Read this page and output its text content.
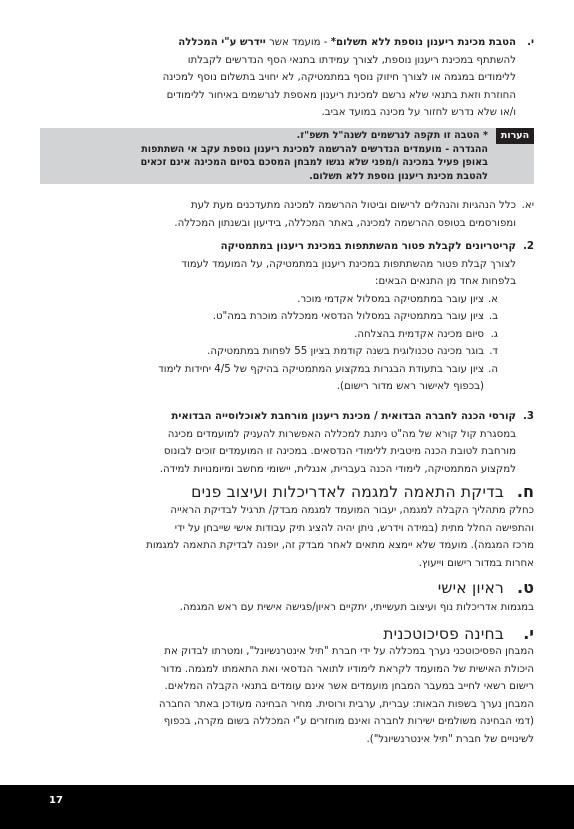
י.

הטבת מכינת ריענון נוספת ללא תשלום* - מועמד אשר יידרש ע"י המכללה

להשתתף במכינת ריענון נוספת, לצורך עמידתו בתנאי הסף הנדרשים לקבלתו

ללימודים במגמה או לצורך חיזוק נוסף במתמטיקה, לא יחויב בתשלום נוסף למכינה

החוזרת וזאת בתנאי שלא נרשם למכינת ריענון מאספת לנרשמים באיחור ללימודים

ו/או שלא נדרש לחזור על מכינה במועד אביב.

הערות

* הטבה זו תקפה לנרשמים לשנה"ל תשפ"ז.

ההגדרה - מועמדים הנדרשים להרשמה למכינת ריענון נוספת עקב אי השתתפות

באופן פעיל במכינה ו/מפני שלא נגשו למבחן המסכם בסיום המכינה אינם זכאים

להטבת מכינת ריענון נוספת ללא תשלום.

יא.

כלל הנהגיות והנהלים לרישום וביטול ההרשמה למכינה מתעדכנים מעת לעת

ומפורסמים בטופס ההרשמה למכינה, באתר המכללה, בידיעון ובשנתון המכללה.

2.

קריטריונים לקבלת פטור מהשתתפות במכינת ריענון במתמטיקה

לצורך קבלת פטור מהשתתפות במכינת ריענון במתמטיקה, על המועמד לעמוד

בלפחות אחד מן התנאים הבאים:

א.
ציון עובר במתמטיקה במסלול אקדמי מוכר.
ב.
ציון עובר במתמטיקה במסלול הנדסאי ממכללה מוכרת במה"ט.
ג.
סיום מכינה אקדמית בהצלחה.
ד.
בוגר מכינה טכנולוגית בשנה קודמת בציון 55 לפחות במתמטיקה.
ה.
ציון עובר בתעודת הבגרות במקצוע המתמטיקה בהיקף של 4/5 יחידות לימוד
(בכפוף לאישור ראש מדור רישום).
3.

קורסי הכנה לחברה הבדואית / מכינת ריענון מורחבת לאוכלוסייה הבדואית

במסגרת קול קורא של מה"ט ניתנת למכללה האפשרות להעניק למועמדים מכינה

מורחבת לטובת הכנה מיטבית ללימודי הנדסאים. במכינה זו המועמדים זוכים לבונוס

למקצוע המתמטיקה, לימודי הכנה בעברית, אנגלית, יישומי מחשב ומיומנויות למידה.

ח.
בדיקת התאמה למגמה לאדריכלות ועיצוב פנים

כחלק מתהליך הקבלה למגמה, יעבור המועמד למגמה מבדק/ תרגיל לבדיקת הראייה

והתפישה החלל מתית (במידה וידרש, ניתן יהיה להציג תיק עבודות אישי שייבחן על ידי

מרכז המגמה). מועמד שלא יימצא מתאים לאחר מבדק זה, יופנה לבדיקת התאמה למגמות

אחרות במדור רישום וייעוץ.

ט.
ראיון אישי

במגמות אדריכלות נוף ועיצוב תעשייתי, יתקיים ראיון/פגישה אישית עם ראש המגמה.

י.
בחינה פסיכוטכנית

המבחן הפסיכוטכני נערך במכללה על ידי חברת "תיל אינטרנשיונל", ומטרתו לבדוק את

היכולת האישית של המועמד לקראת לימודיו לתואר הנדסאי ואת התאמתו למגמה. מדור

רישום רשאי לחייב במעבר המבחן מועמדים אשר אינם עומדים בתנאי הקבלה המלאים.

המבחן נערך בשפות הבאות: עברית, ערבית ורוסית. מחיר הבחינה מעודכן באתר החברה

(דמי הבחינה משולמים ישירות לחברה ואינם מוחזרים ע"י המכללה בשום מקרה, בכפוף

לשינויים של חברת "תיל אינטרנשיונל").

17
